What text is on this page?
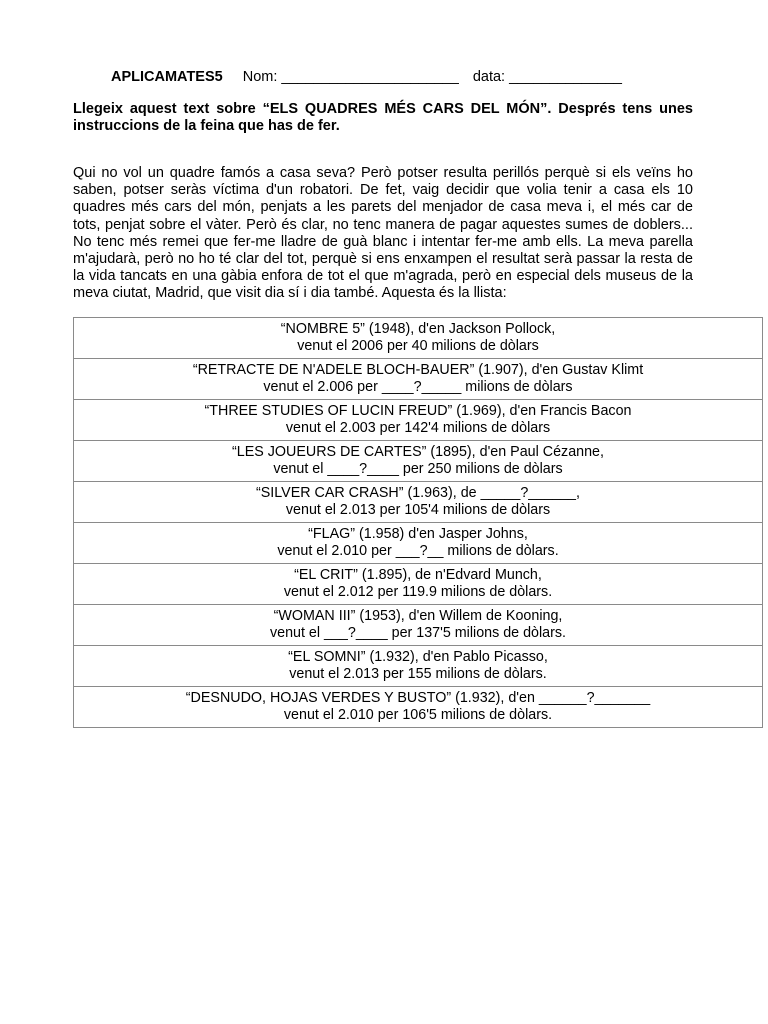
APLICAMATES5 Nom: ______________________ data: ______________
Llegeix aquest text sobre “ELS QUADRES MÉS CARS DEL MÓN”. Després tens unes instruccions de la feina que has de fer.
Qui no vol un quadre famós a casa seva? Però potser resulta perillós perquè si els veïns ho saben, potser seràs víctima d'un robatori. De fet, vaig decidir que volia tenir a casa els 10 quadres més cars del món, penjats a les parets del menjador de casa meva i, el més car de tots, penjat sobre el vàter. Però és clar, no tenc manera de pagar aquestes sumes de doblers... No tenc més remei que fer-me lladre de guà blanc i intentar fer-me amb ells. La meva parella m'ajudarà, però no ho té clar del tot, perquè si ens enxampen el resultat serà passar la resta de la vida tancats en una gàbia enfora de tot el que m'agrada, però en especial dels museus de la meva ciutat, Madrid, que visit dia sí i dia també. Aquesta és la llista:
“NOMBRE 5” (1948), d'en Jackson Pollock,
venut el 2006 per 40 milions de dòlars

“RETRACTE DE N'ADELE BLOCH-BAUER” (1.907), d'en Gustav Klimt
venut el 2.006 per ____?_____ milions de dòlars

“THREE STUDIES OF LUCIN FREUD” (1.969), d'en Francis Bacon
venut el 2.003 per 142'4 milions de dòlars

“LES JOUEURS DE CARTES” (1895), d'en Paul Cézanne,
venut el ____?____ per 250 milions de dòlars

“SILVER CAR CRASH” (1.963), de _____?______,
venut el 2.013 per 105'4 milions de dòlars

“FLAG” (1.958) d'en Jasper Johns,
venut el 2.010 per ___?__ milions de dòlars.

“EL CRIT” (1.895), de n'Edvard Munch,
venut el 2.012 per 119.9 milions de dòlars.

“WOMAN III” (1953), d'en Willem de Kooning,
venut el ___?____ per 137'5 milions de dòlars.

“EL SOMNI” (1.932), d'en Pablo Picasso,
venut el 2.013 per 155 milions de dòlars.

“DESNUDO, HOJAS VERDES Y BUSTO” (1.932), d'en ______?_______
venut el 2.010 per 106'5 milions de dòlars.
